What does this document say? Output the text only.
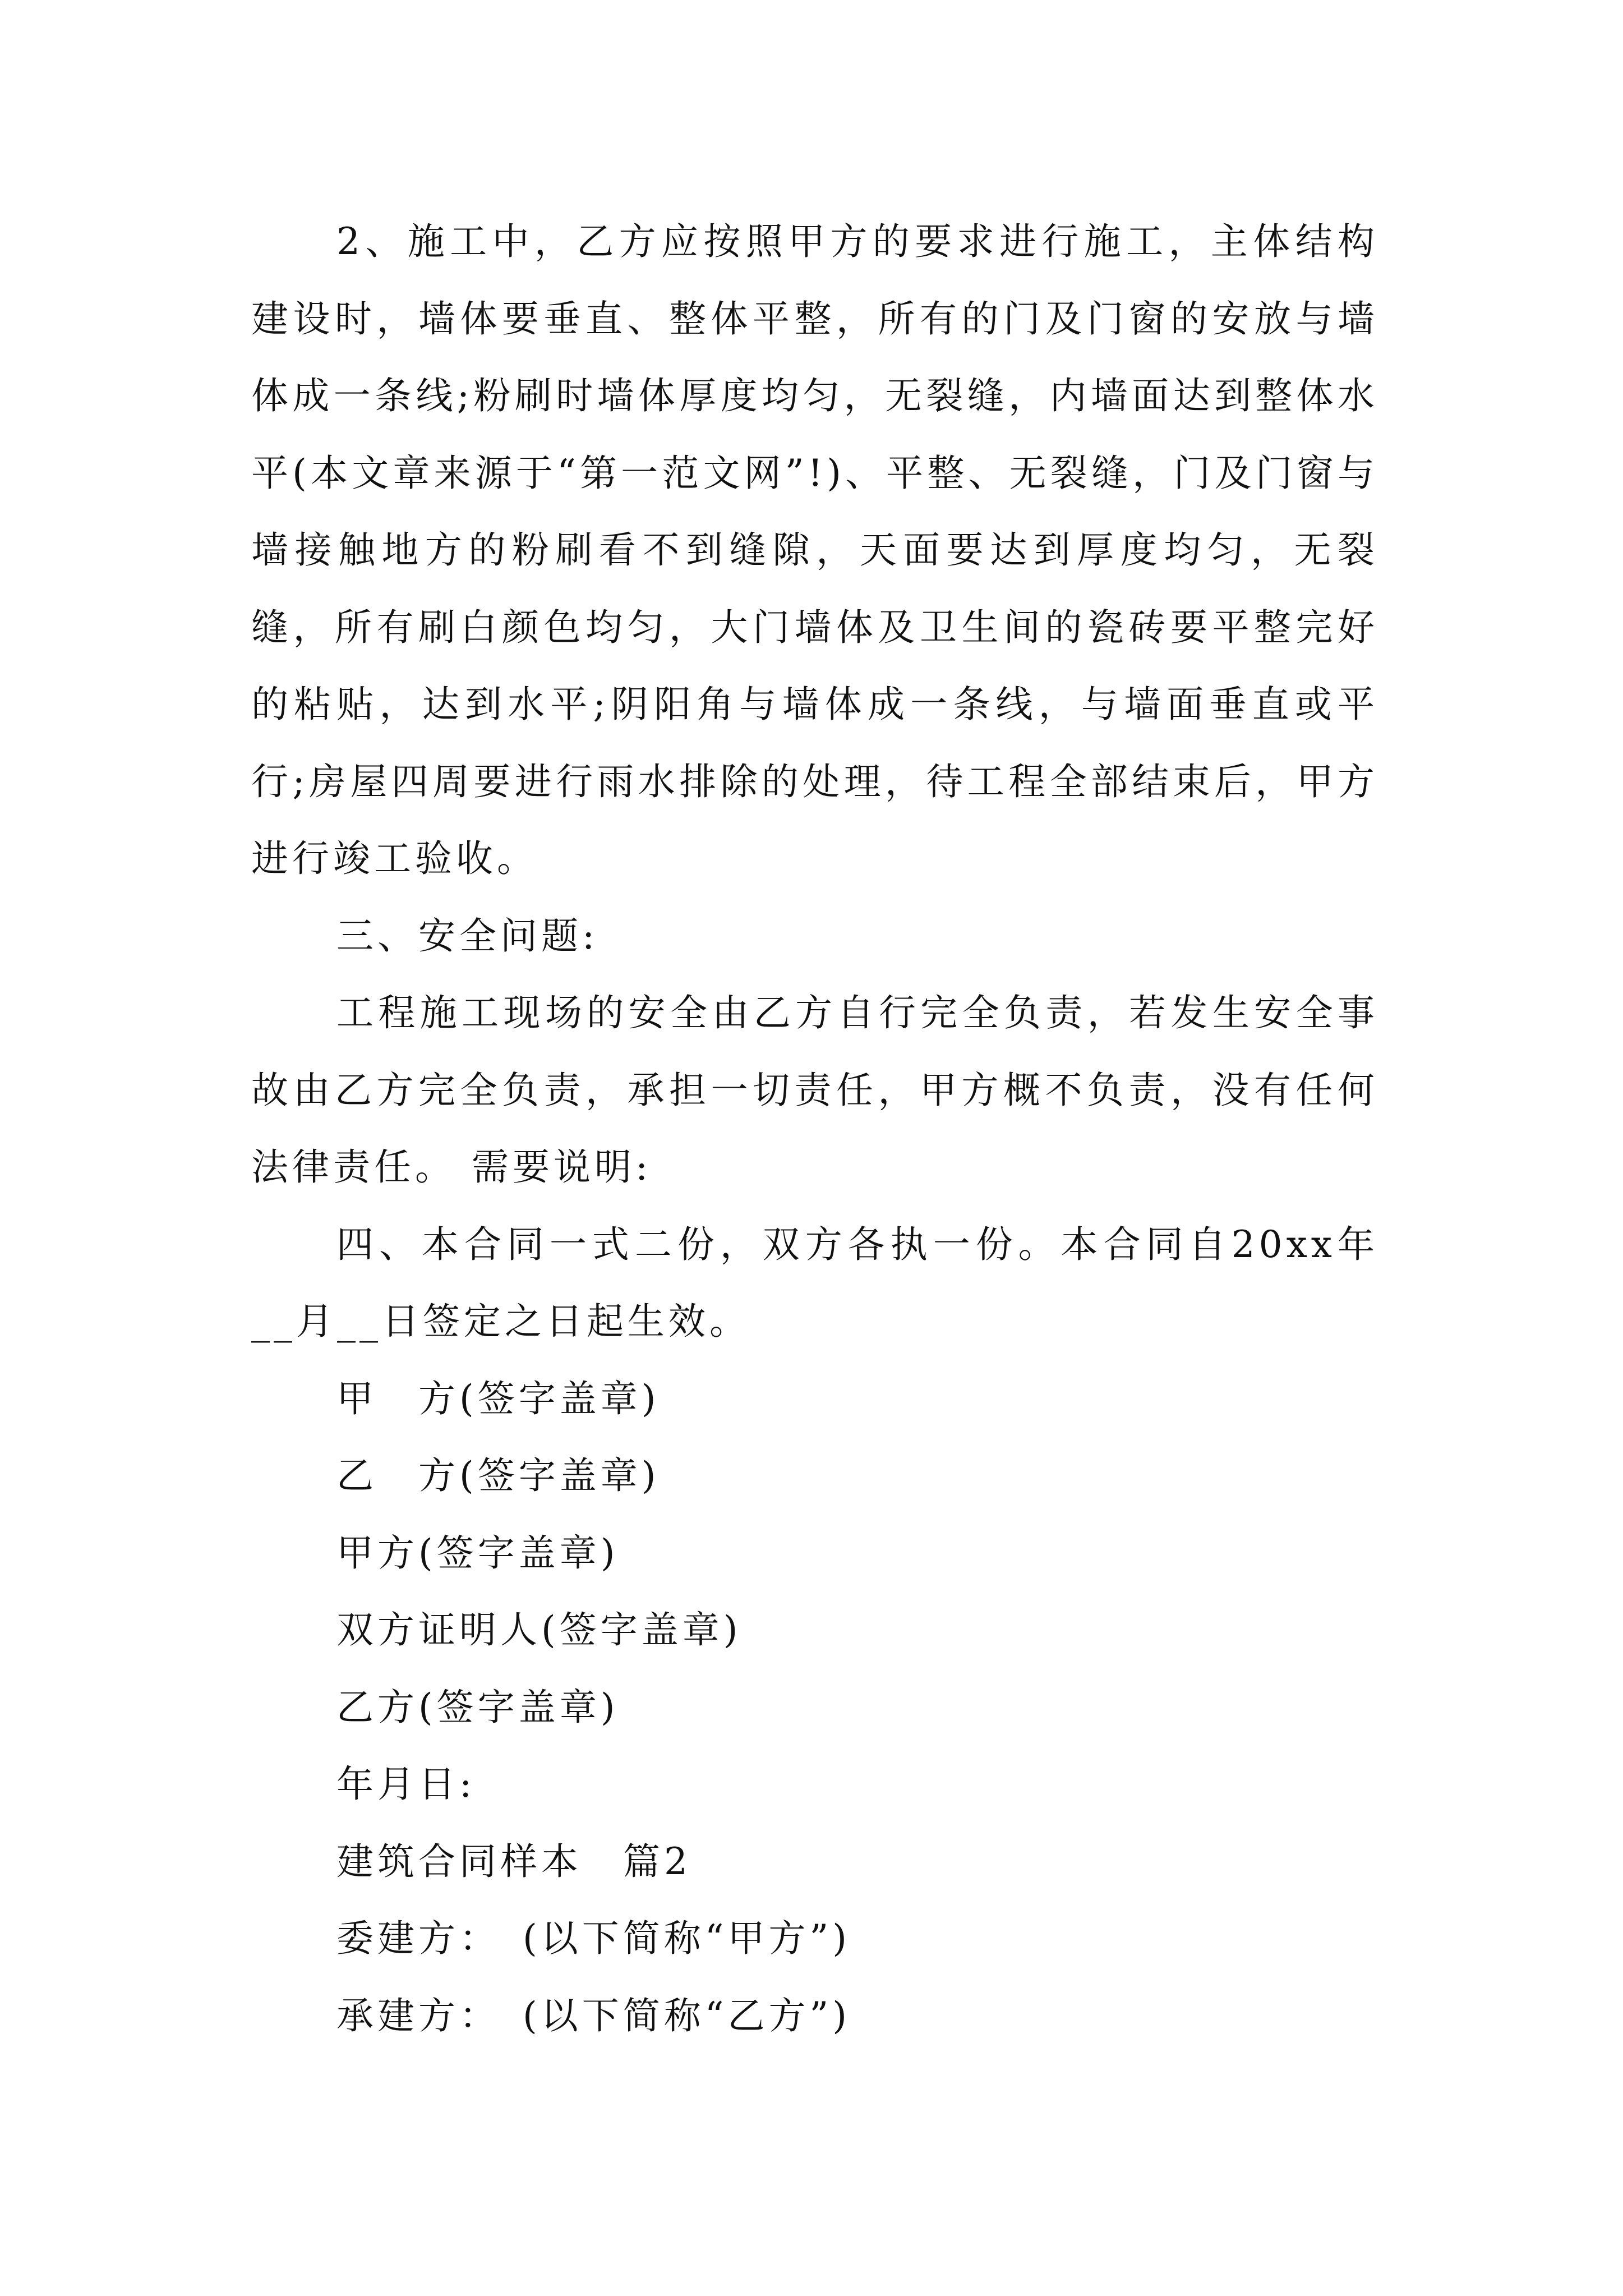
2、施工中，乙方应按照甲方的要求进行施工，主体结构建设时，墙体要垂直、整体平整，所有的门及门窗的安放与墙体成一条线;粉刷时墙体厚度均匀，无裂缝，内墙面达到整体水平(本文章来源于“第一范文网”!)、平整、无裂缝，门及门窗与墙接触地方的粉刷看不到缝隙，天面要达到厚度均匀，无裂缝，所有刷白颜色均匀，大门墙体及卫生间的瓷砖要平整完好的粘贴，达到水平;阴阳角与墙体成一条线，与墙面垂直或平行;房屋四周要进行雨水排除的处理，待工程全部结束后，甲方进行竣工验收。

三、安全问题:

工程施工现场的安全由乙方自行完全负责，若发生安全事故由乙方完全负责，承担一切责任，甲方概不负责，没有任何法律责任。 需要说明:

四、本合同一式二份，双方各执一份。本合同自20xx年__月__日签定之日起生效。

甲　方(签字盖章)

乙　方(签字盖章)

甲方(签字盖章)

双方证明人(签字盖章)

乙方(签字盖章)

年月日:

建筑合同样本　篇2

委建方：　(以下简称“甲方”)

承建方：　(以下简称“乙方”)
